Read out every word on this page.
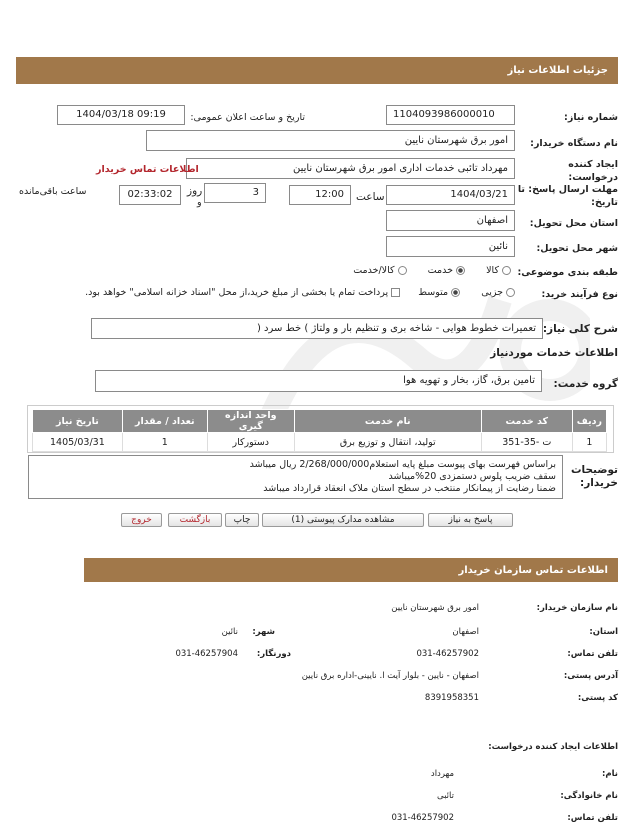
جزئیات اطلاعات نیاز
شماره نیاز:
1104093986000010
تاریخ و ساعت اعلان عمومی:
1404/03/18 09:19
نام دستگاه خریدار:
امور برق شهرستان نایین
ایجاد کننده درخواست:
مهرداد تائبی خدمات اداری امور برق شهرستان نایین
اطلاعات تماس خریدار
مهلت ارسال پاسخ: تا تاریخ:
1404/03/21
ساعت
12:00
3
روز
و
02:33:02
ساعت باقی‌مانده
استان محل تحویل:
اصفهان
شهر محل تحویل:
نائین
طبقه بندی موضوعی:
کالا        خدمت        کالا/خدمت
نوع فرآیند خرید:
جزیی        متوسط       پرداخت تمام یا بخشی از مبلغ خرید،از محل "اسناد خزانه اسلامی" خواهد بود.
شرح کلی نیاز:
تعمیرات خطوط هوایی - شاخه بری و تنظیم بار و ولتاژ ) خط سرد (
اطلاعات خدمات موردنیاز
گروه خدمت:
تامین برق، گاز، بخار و تهویه هوا
ردیف	کد خدمت	نام خدمت	واحد اندازه گیری	تعداد / مقدار	تاریخ نیاز
1	ت -35-351	تولید، انتقال و توزیع برق	دستورکار	1	1405/03/31
توضیحات خریدار:
براساس فهرست بهای پیوست مبلغ پایه استعلام2/268/000/000 ریال میباشد
سقف ضریب پلوس دستمزدی 20%میباشد
ضمنا رضایت از پیمانکار منتخب در سطح استان ملاک انعقاد قرارداد میباشد
پاسخ به نیاز
مشاهده مدارک پیوستی (1)
چاپ
بازگشت
خروج
اطلاعات تماس سازمان خریدار
نام سازمان خریدار:
امور برق شهرستان نایین
استان:
اصفهان
شهر:
نائین
تلفن تماس:
031-46257902
دورنگار:
031-46257904
آدرس پستی:
اصفهان - نایین - بلوار آیت ا. نایینی-اداره برق نایین
کد پستی:
8391958351
اطلاعات ایجاد کننده درخواست:
نام:
مهرداد
نام خانوادگی:
تائبی
تلفن تماس:
031-46257902
